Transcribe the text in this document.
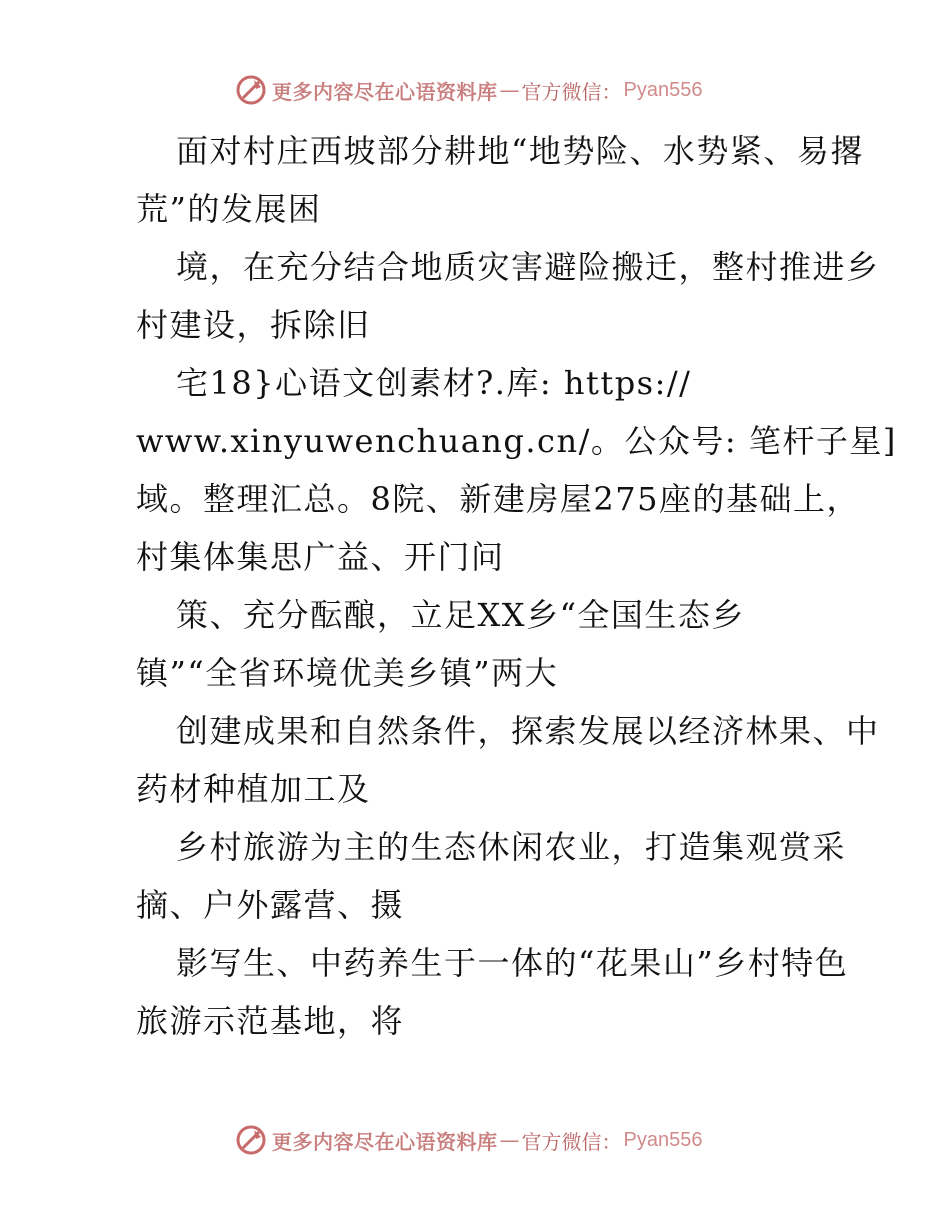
更多内容尽在心语资料库 — 官方微信： Pyan556

面对村庄西坡部分耕地“地势险、水势紧、易撂
荒”的发展困

境，在充分结合地质灾害避险搬迁，整村推进乡
村建设，拆除旧

宅18}心语文创素材?.库: https://
www.xinyuwenchuang.cn/。公众号: 笔杆子星]
域。整理汇总。8院、新建房屋275座的基础上，
村集体集思广益、开门问

策、充分酝酿，立足XX乡“全国生态乡
镇”“全省环境优美乡镇”两大

创建成果和自然条件，探索发展以经济林果、中
药材种植加工及

乡村旅游为主的生态休闲农业，打造集观赏采
摘、户外露营、摄

影写生、中药养生于一体的“花果山”乡村特色
旅游示范基地，将

更多内容尽在心语资料库 — 官方微信： Pyan556
